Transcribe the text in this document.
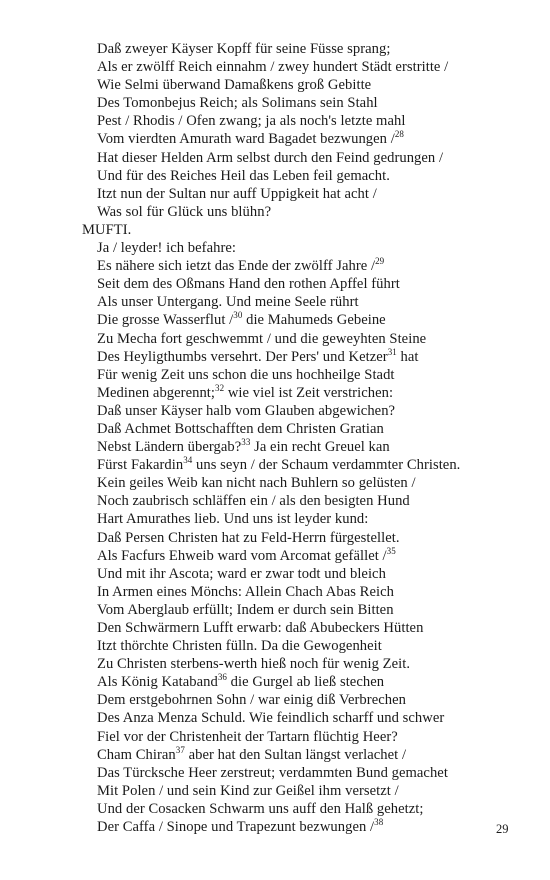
Daß zweyer Käyser Kopff für seine Füsse sprang;
Als er zwölff Reich einnahm / zwey hundert Städt erstritte /
Wie Selmi überwand Damaßkens groß Gebitte
Des Tomonbejus Reich; als Solimans sein Stahl
Pest / Rhodis / Ofen zwang; ja als noch's letzte mahl
Vom vierdten Amurath ward Bagadet bezwungen /$^{28}$
Hat dieser Helden Arm selbst durch den Feind gedrungen /
Und für des Reiches Heil das Leben feil gemacht.
Itzt nun der Sultan nur auff Uppigkeit hat acht /
Was sol für Glück uns blühn?
MUFTI.
Ja / leyder! ich befahre:
Es nähere sich ietzt das Ende der zwölff Jahre /$^{29}$
Seit dem des Oßmans Hand den rothen Apffel führt
Als unser Untergang. Und meine Seele rührt
Die grosse Wasserflut /$^{30}$ die Mahumeds Gebeine
Zu Mecha fort geschwemmt / und die geweyhten Steine
Des Heyligthumbs versehrt. Der Pers' und Ketzer$^{31}$ hat
Für wenig Zeit uns schon die uns hochheilge Stadt
Medinen abgerennt;$^{32}$ wie viel ist Zeit verstrichen:
Daß unser Käyser halb vom Glauben abgewichen?
Daß Achmet Bottschafften dem Christen Gratian
Nebst Ländern übergab?$^{33}$ Ja ein recht Greuel kan
Fürst Fakardin$^{34}$ uns seyn / der Schaum verdammter Christen.
Kein geiles Weib kan nicht nach Buhlern so gelüsten /
Noch zaubrisch schläffen ein / als den besigten Hund
Hart Amurathes lieb. Und uns ist leyder kund:
Daß Persen Christen hat zu Feld-Herrn fürgestellet.
Als Facfurs Ehweib ward vom Arcomat gefället /$^{35}$
Und mit ihr Ascota; ward er zwar todt und bleich
In Armen eines Mönchs: Allein Chach Abas Reich
Vom Aberglaub erfüllt; Indem er durch sein Bitten
Den Schwärmern Lufft erwarb: daß Abubeckers Hütten
Itzt thörchte Christen fülln. Da die Gewogenheit
Zu Christen sterbens-werth hieß noch für wenig Zeit.
Als König Kataband$^{36}$ die Gurgel ab ließ stechen
Dem erstgebohrnen Sohn / war einig diß Verbrechen
Des Anza Menza Schuld. Wie feindlich scharff und schwer
Fiel vor der Christenheit der Tartarn flüchtig Heer?
Cham Chiran$^{37}$ aber hat den Sultan längst verlachet /
Das Türcksche Heer zerstreut; verdammten Bund gemachet
Mit Polen / und sein Kind zur Geißel ihm versetzt /
Und der Cosacken Schwarm uns auff den Halß gehetzt;
Der Caffa / Sinope und Trapezunt bezwungen /$^{38}$	29
